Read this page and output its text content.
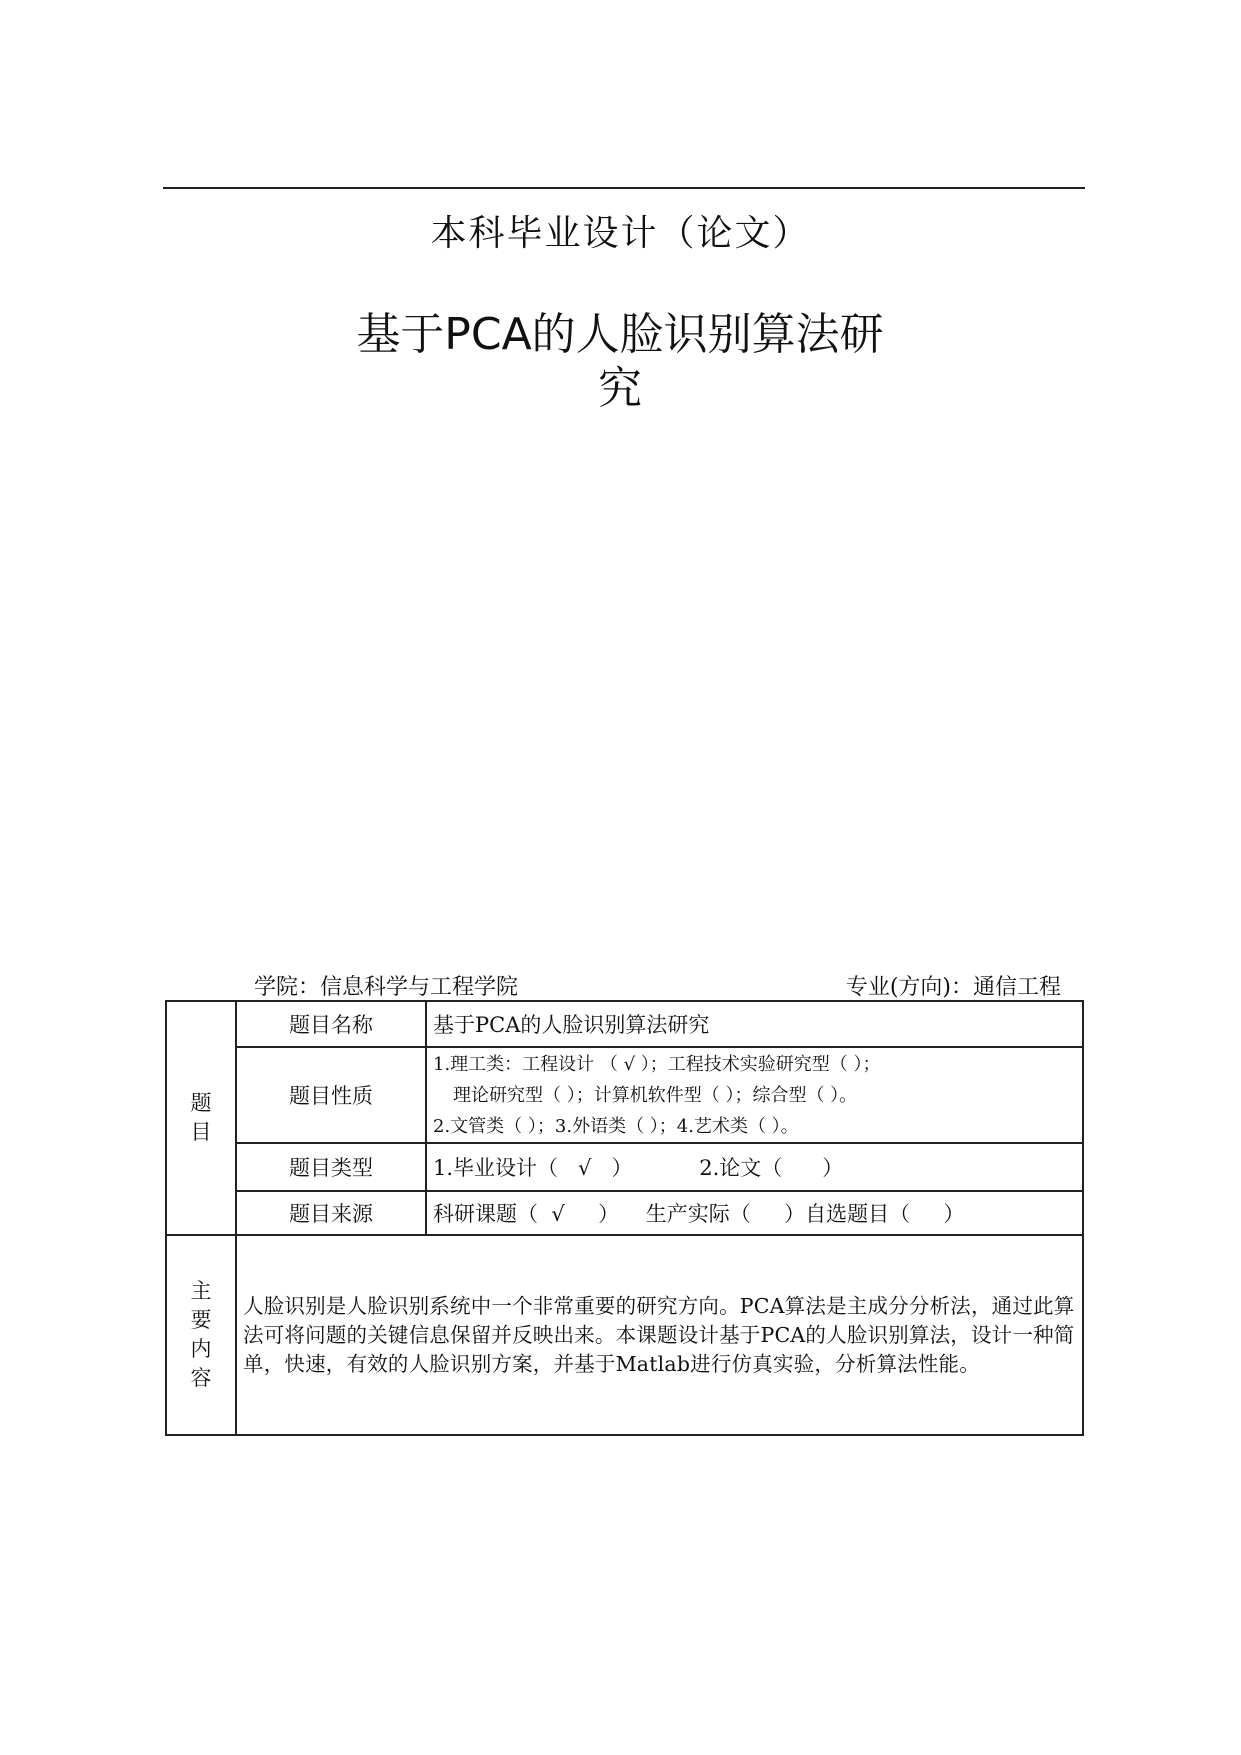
本科毕业设计（论文）
基于PCA的人脸识别算法研
究
学院：信息科学与工程学院	专业(方向)：通信工程
题
目	题目名称	基于PCA的人脸识别算法研究
	题目性质	1.理工类：工程设计 （ √ ）；工程技术实验研究型（ ）；
理论研究型（ ）；计算机软件型（ ）；综合型（ ）。
2.文管类（ ）；3.外语类（ ）；4.艺术类（ ）。

	题目类型	1.毕业设计（   √   ）          2.论文（      ）
	题目来源	科研课题（  √     ）    生产实际（     ）自选题目（     ）

主
要
内
容	人脸识别是人脸识别系统中一个非常重要的研究方向。PCA算法是主成分分析法，通过此算法可将问题的关键信息保留并反映出来。本课题设计基于PCA的人脸识别算法，设计一种简单，快速，有效的人脸识别方案，并基于Matlab进行仿真实验，分析算法性能。	
